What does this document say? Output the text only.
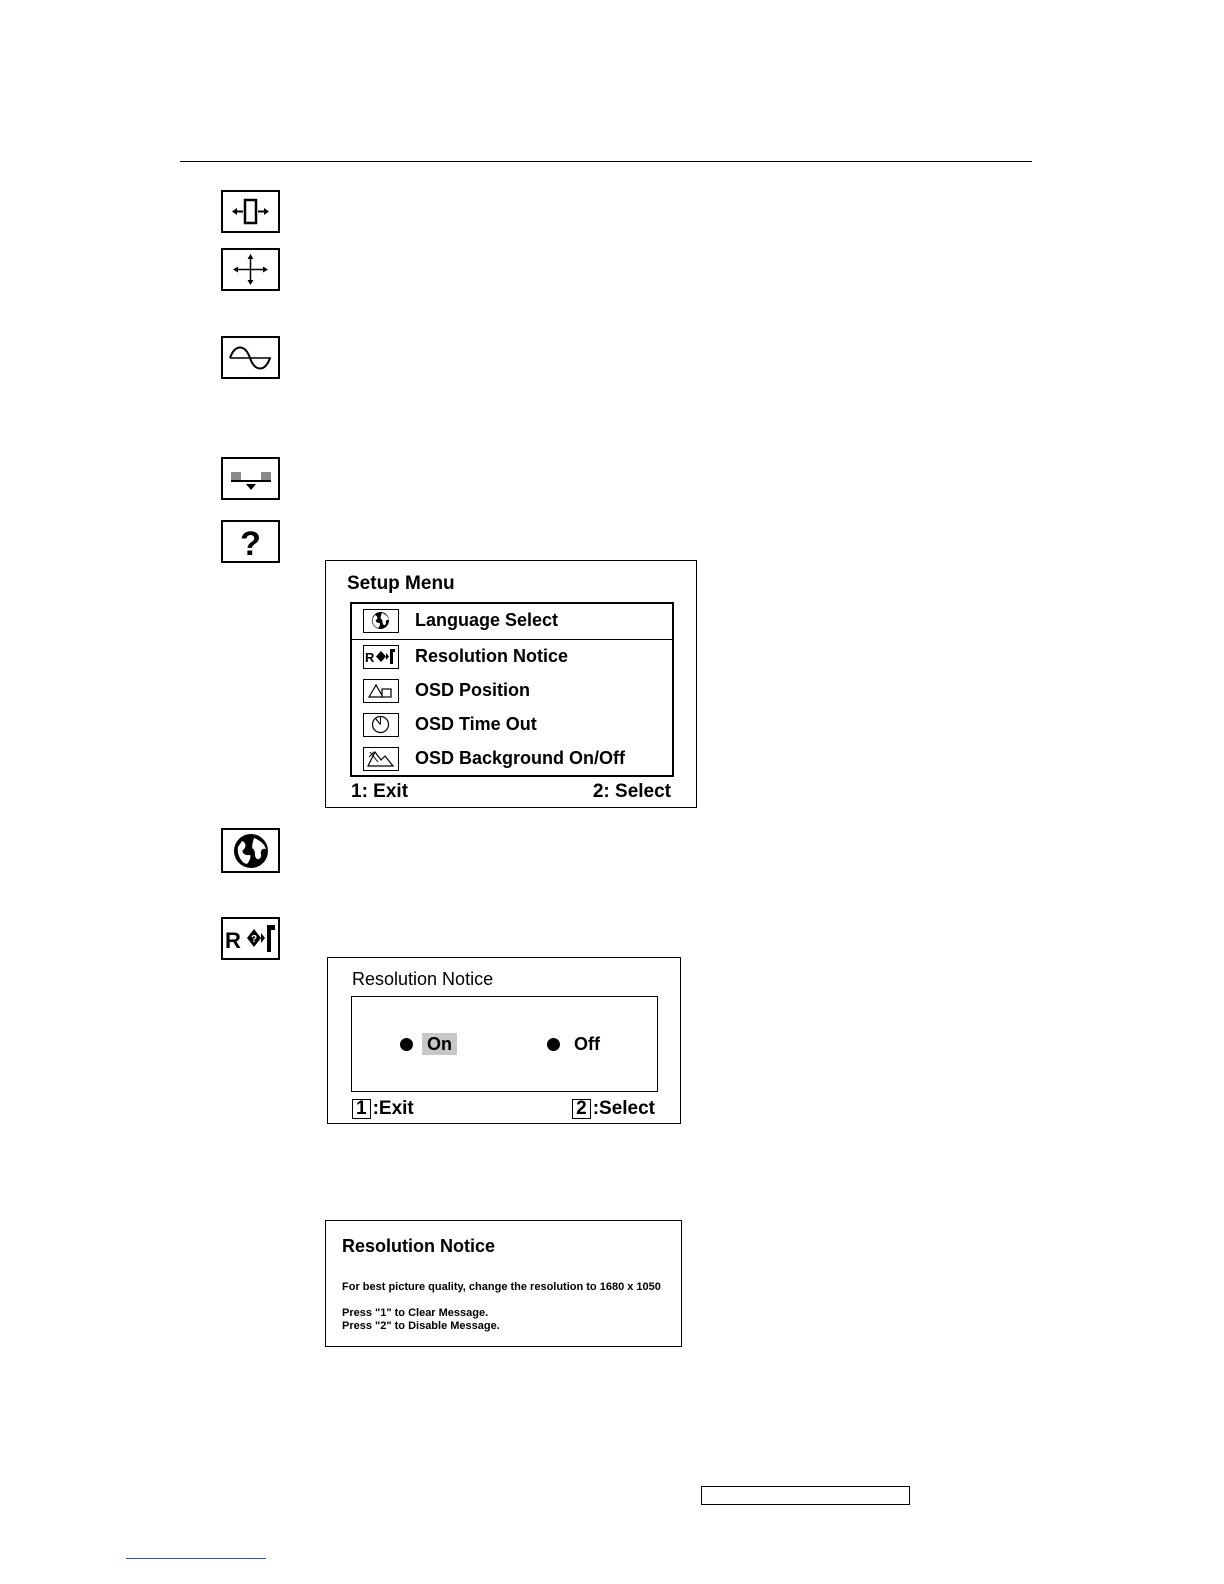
?
R ?
Setup Menu
Language Select
R Resolution Notice
OSD Position
OSD Time Out
OSD Background On/Off
1: Exit	2: Select
Resolution Notice
On	Off
1 :Exit	2 :Select
Resolution Notice
For best picture quality, change the resolution to 1680 x 1050
Press "1" to Clear Message.
Press "2" to Disable Message.
